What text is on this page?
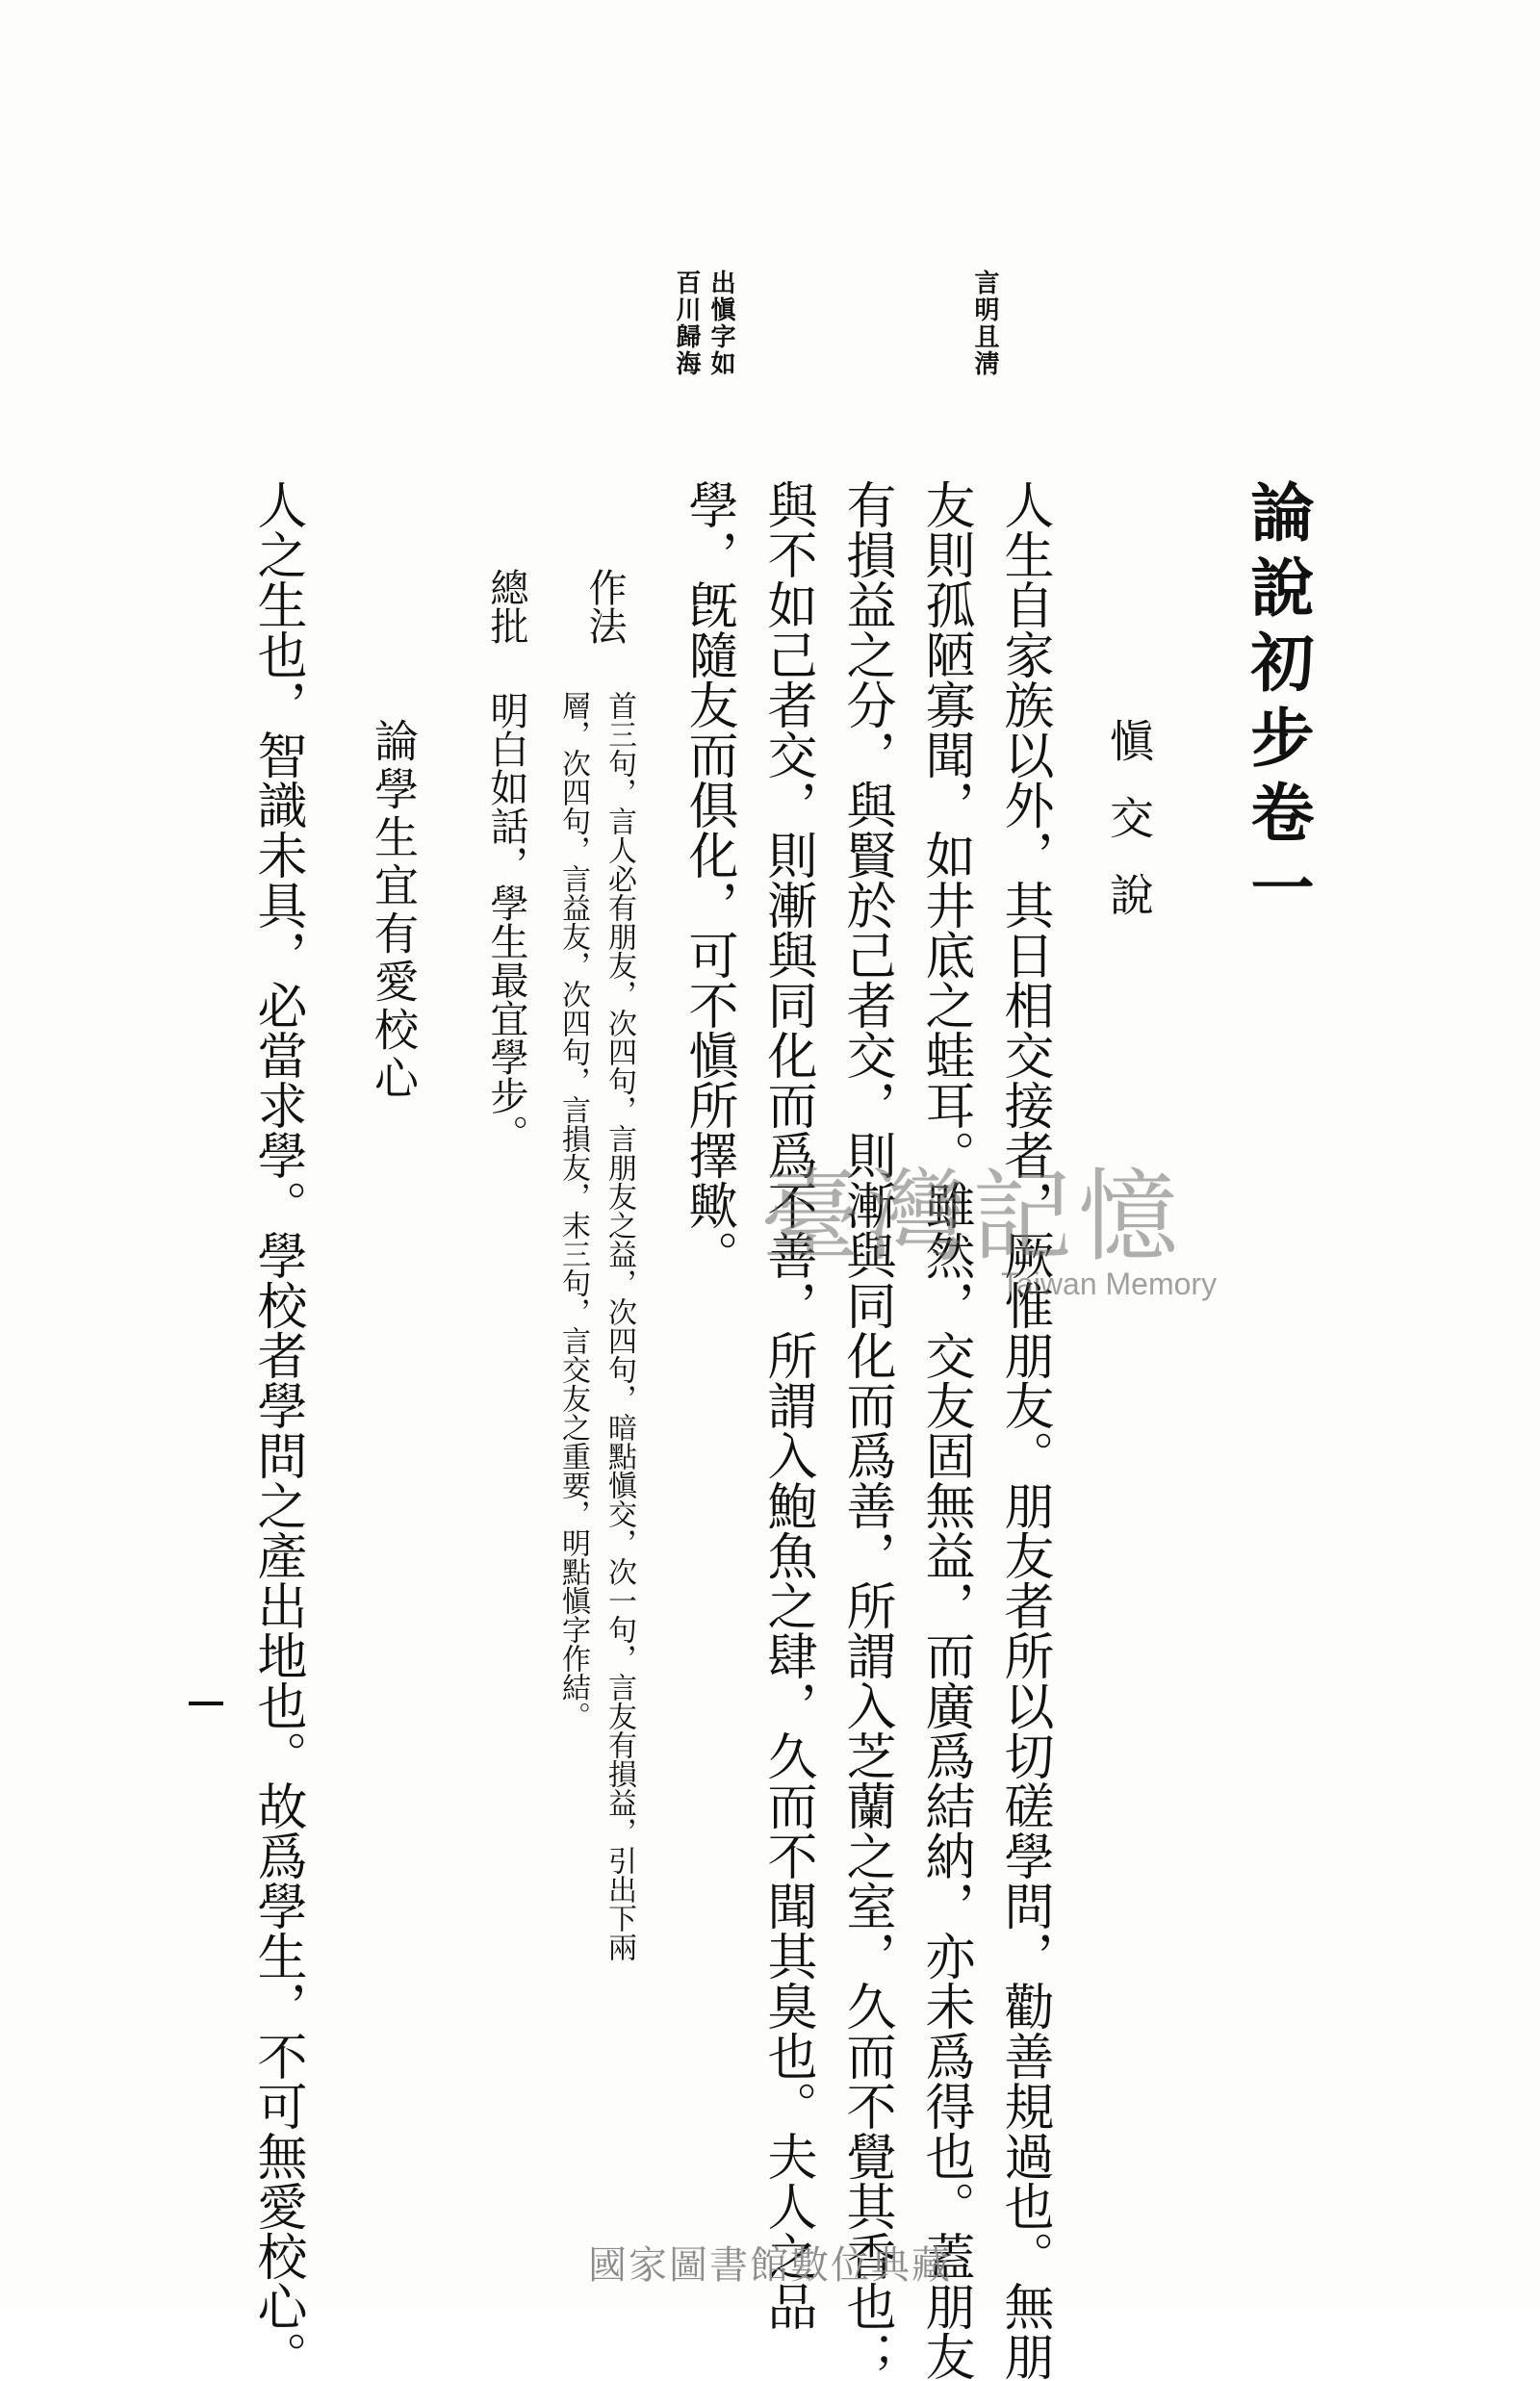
論說初步卷一
愼交說
人生自家族以外，其日相交接者，厥惟朋友。朋友者所以切磋學問，勸善規過也。無朋
友則孤陋寡聞，如井底之蛙耳。雖然，交友固無益，而廣爲結納，亦未爲得也。蓋朋友
有損益之分，與賢於己者交，則漸與同化而爲善，所謂入芝蘭之室，久而不覺其香也；
與不如己者交，則漸與同化而爲不善，所謂入鮑魚之肆，久而不聞其臭也。夫人之品
學，旣隨友而俱化，可不愼所擇歟。
言明且淸
出愼字如
百川歸海
作法
首三句，言人必有朋友，次四句，言朋友之益，次四句，暗點愼交，次一句，言友有損益，引出下兩
層，次四句，言益友，次四句，言損友，末三句，言交友之重要，明點愼字作結。
總批
明白如話，學生最宜學步。
論學生宜有愛校心
人之生也，智識未具，必當求學。學校者學問之產出地也。故爲學生，不可無愛校心。	臺灣記憶
Taiwan Memory
國家圖書館數位典藏
